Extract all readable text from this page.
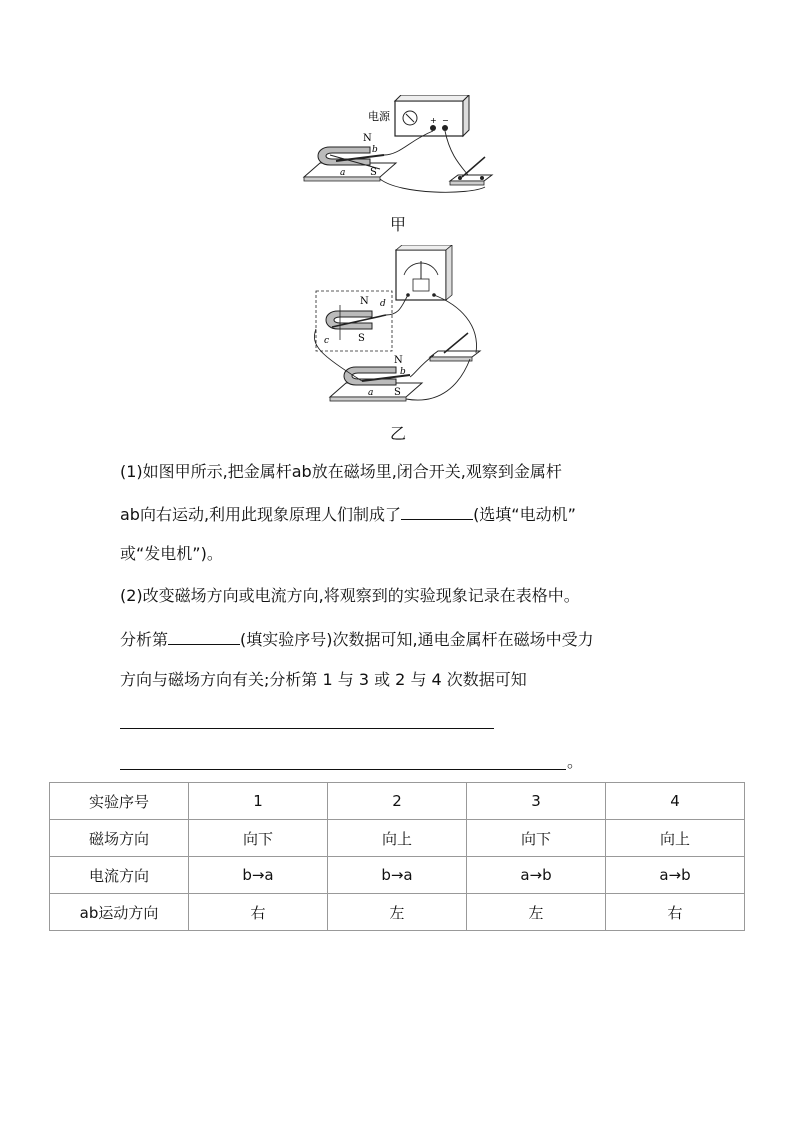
电源	+ −
N
b
a S
甲
N d
c	S
N
b
a S
乙
(1)如图甲所示,把金属杆ab放在磁场里,闭合开关,观察到金属杆
ab向右运动,利用此现象原理人们制成了	(选填“电动机”
或“发电机”)。
(2)改变磁场方向或电流方向,将观察到的实验现象记录在表格中。
分析第	(填实验序号)次数据可知,通电金属杆在磁场中受力
方向与磁场方向有关;分析第 1 与 3 或 2 与 4 次数据可知
。
实验序号	1	2	3	4
磁场方向	向下	向上	向下	向上
电流方向	b→a	b→a	a→b	a→b
ab运动方向	右	左	左	右
